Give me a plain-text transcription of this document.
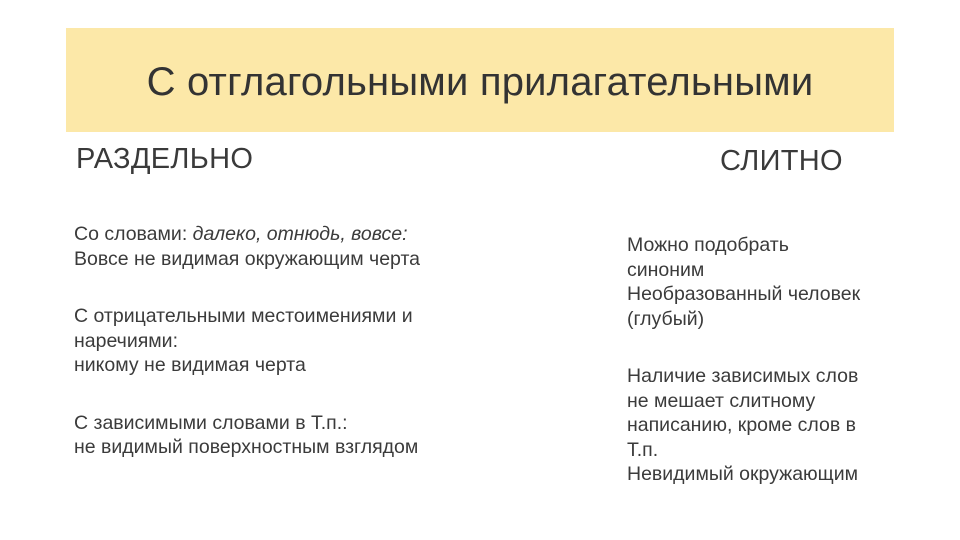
С отглагольными прилагательными
РАЗДЕЛЬНО	СЛИТНО
Со словами: далеко, отнюдь, вовсе:
Вовсе не видимая окружающим черта
С отрицательными местоимениями и
наречиями:
никому не видимая черта
С зависимыми словами в Т.п.:
не видимый поверхностным взглядом
Можно подобрать
синоним
Необразованный человек
(глубый)
Наличие зависимых слов
не мешает слитному
написанию, кроме слов в
Т.п.
Невидимый окружающим
